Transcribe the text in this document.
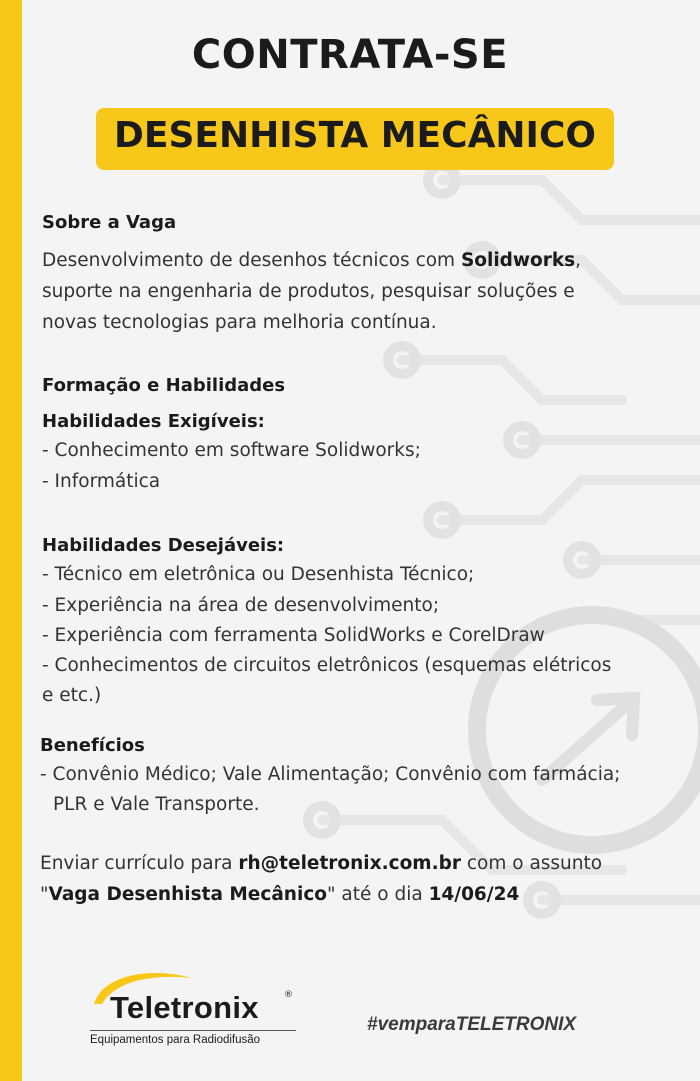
CONTRATA-SE
DESENHISTA MECÂNICO
Sobre a Vaga
Desenvolvimento de desenhos técnicos com Solidworks,
suporte na engenharia de produtos, pesquisar soluções e
novas tecnologias para melhoria contínua.
Formação e Habilidades
Habilidades Exigíveis:
- Conhecimento em software Solidworks;
- Informática
Habilidades Desejáveis:
- Técnico em eletrônica ou Desenhista Técnico;
- Experiência na área de desenvolvimento;
- Experiência com ferramenta SolidWorks e CorelDraw
- Conhecimentos de circuitos eletrônicos (esquemas elétricos
e etc.)
Benefícios
- Convênio Médico; Vale Alimentação; Convênio com farmácia;
PLR e Vale Transporte.
Enviar currículo para rh@teletronix.com.br com o assunto
"Vaga Desenhista Mecânico" até o dia 14/06/24
Teletronix	®
Equipamentos para Radiodifusão
#vemparaTELETRONIX
